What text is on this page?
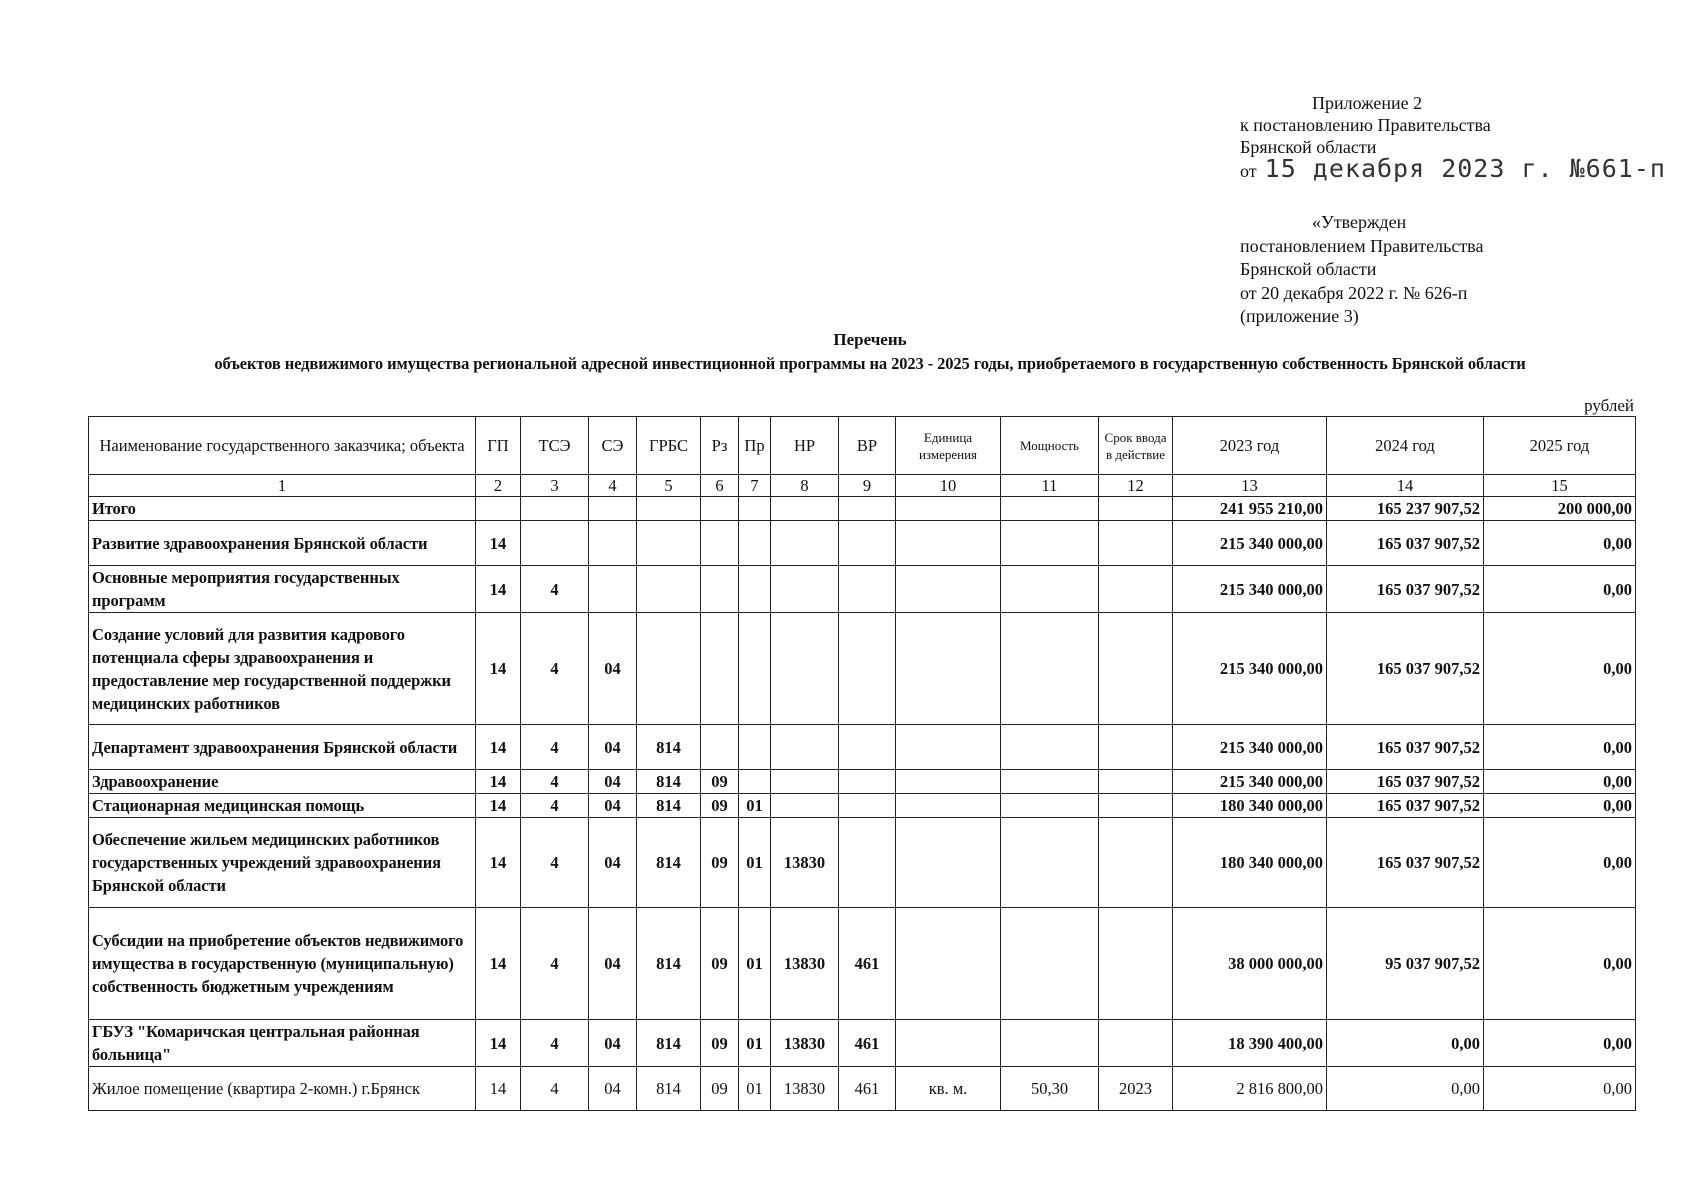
Приложение 2
к постановлению Правительства
Брянской области
от 15 декабря 2023 г. №661-п
«Утвержден
постановлением Правительства
Брянской области
от 20 декабря 2022 г. № 626-п
(приложение 3)
Перечень
объектов недвижимого имущества региональной адресной инвестиционной программы на 2023 - 2025 годы, приобретаемого в государственную собственность Брянской области
рублей
Наименование государственного заказчика; объекта	ГП	ТСЭ	СЭ	ГРБС	Рз	Пр	НР	ВР	Единица измерения	Мощность	Срок ввода в действие	2023 год	2024 год	2025 год
1	2	3	4	5	6	7	8	9	10	11	12	13	14	15
Итого												241 955 210,00	165 237 907,52	200 000,00
Развитие здравоохранения Брянской области	14											215 340 000,00	165 037 907,52	0,00
Основные мероприятия государственных программ	14	4										215 340 000,00	165 037 907,52	0,00
Создание условий для развития кадрового потенциала сферы здравоохранения и предоставление мер государственной поддержки медицинских работников	14	4	04									215 340 000,00	165 037 907,52	0,00
Департамент здравоохранения Брянской области	14	4	04	814								215 340 000,00	165 037 907,52	0,00
Здравоохранение	14	4	04	814	09							215 340 000,00	165 037 907,52	0,00
Стационарная медицинская помощь	14	4	04	814	09	01						180 340 000,00	165 037 907,52	0,00
Обеспечение жильем медицинских работников государственных учреждений здравоохранения Брянской области	14	4	04	814	09	01	13830					180 340 000,00	165 037 907,52	0,00
Субсидии на приобретение объектов недвижимого имущества в государственную (муниципальную) собственность бюджетным учреждениям	14	4	04	814	09	01	13830	461				38 000 000,00	95 037 907,52	0,00
ГБУЗ "Комаричская центральная районная больница"	14	4	04	814	09	01	13830	461				18 390 400,00	0,00	0,00
Жилое помещение (квартира 2-комн.) г.Брянск	14	4	04	814	09	01	13830	461	кв. м.	50,30	2023	2 816 800,00	0,00	0,00
